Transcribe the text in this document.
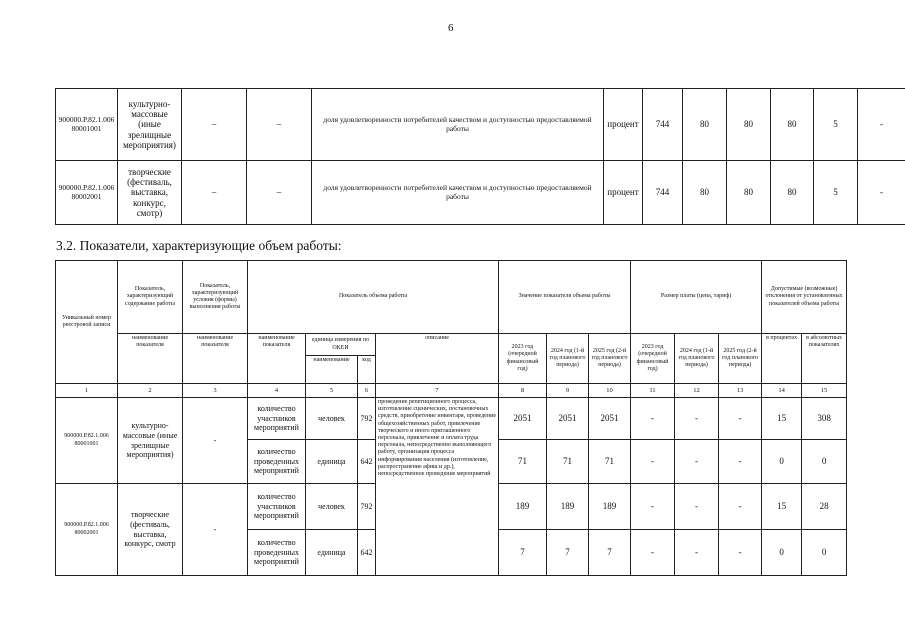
6
900000.Р.82.1.006 80001001	культурно-массовые (иные зрелищные мероприятия)	–	–	доля удовлетворенности потребителей качеством и доступностью предоставляемой работы	процент	744	80	80	80	5	-
900000.Р.82.1.006 80002001	творческие (фестиваль, выставка, конкурс, смотр)	–	–	доля удовлетворенности потребителей качеством и доступностью предоставляемой работы	процент	744	80	80	80	5	-
3.2. Показатели, характеризующие объем работы:
Уникальный номер реестровой записи	Показатель, характеризующий содержание работы	Показатель, характеризующий условия (формы) выполнения работы	Показатель объема работы				Значение показателя объема работы			Размер платы (цена, тариф)			Допустимые (возможные) отклонения от установленных показателей объема работы	
	наименование показателя	наименование показателя	наименование показателя	единица измерения по ОКЕИ		описание	2023 год (очередной финансовый год)	2024 год (1-й год планового периода)	2025 год (2-й год планового периода)	2023 год (очередной финансовый год)	2024 год (1-й год планового периода)	2025 год (2-й год планового периода)	в процентах	в абсолютных показателях
				наименование	код									
1	2	3	4	5	6	7	8	9	10	11	12	13	14	15
900000.Р.82.1.006 80001001	культурно-массовые (иные зрелищные мероприятия)	-	количество участников мероприятий	человек	792	проведение репетиционного процесса, изготовление сценических, постановочных средств, приобретение инвентаря, проведение общехозяйственных работ, привлечение творческого и иного приглашенного персонала, привлечение и оплата труда персонала, непосредственно выполняющего работу, организация процесса информирования населения (изготовление, распространение афиш и др.), непосредственное проведение мероприятий	2051	2051	2051	-	-	-	15	308
			количество проведенных мероприятий	единица	642		71	71	71	-	-	-	0	0
900000.Р.82.1.006 80002001	творческие (фестиваль, выставка, конкурс, смотр	-	количество участников мероприятий	человек	792		189	189	189	-	-	-	15	28
			количество проведенных мероприятий	единица	642		7	7	7	-	-	-	0	0
